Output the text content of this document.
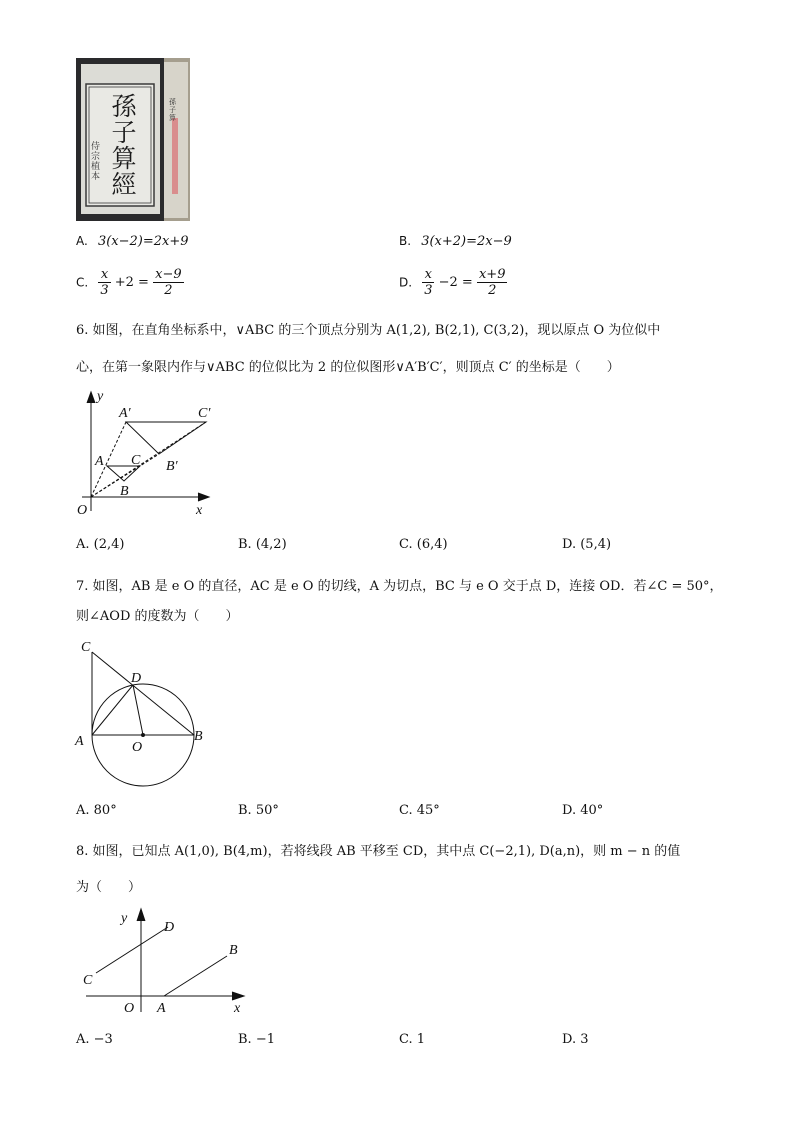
孫
子
算
經
侍宗植本
孫子算
A. 3(x−2)=2x+9	B. 3(x+2)=2x−9
C. $\frac{x}{3} +2 = \frac{x-9}{2}$	D. $\frac{x}{3} -2 = \frac{x+9}{2}$
6. 如图，在直角坐标系中，∨ABC 的三个顶点分别为 A(1,2), B(2,1), C(3,2)，现以原点 O 为位似中
心，在第一象限内作与∨ABC 的位似比为 2 的位似图形∨A′B′C′，则顶点 C′ 的坐标是（　　）
y
x
O
A
B
C
A′
B′
C′
A. (2,4)	B. (4,2)	C. (6,4)	D. (5,4)
7. 如图，AB 是 e O 的直径，AC 是 e O 的切线，A 为切点，BC 与 e O 交于点 D，连接 OD．若∠C = 50°，
则∠AOD 的度数为（　　）
C
D
A	O
B
A. 80°	B. 50°	C. 45°	D. 40°
8. 如图，已知点 A(1,0), B(4,m)，若将线段 AB 平移至 CD，其中点 C(−2,1), D(a,n)，则 m − n 的值
为（　　）
y
D
B
C
O A	x
A. −3	B. −1	C. 1	D. 3
